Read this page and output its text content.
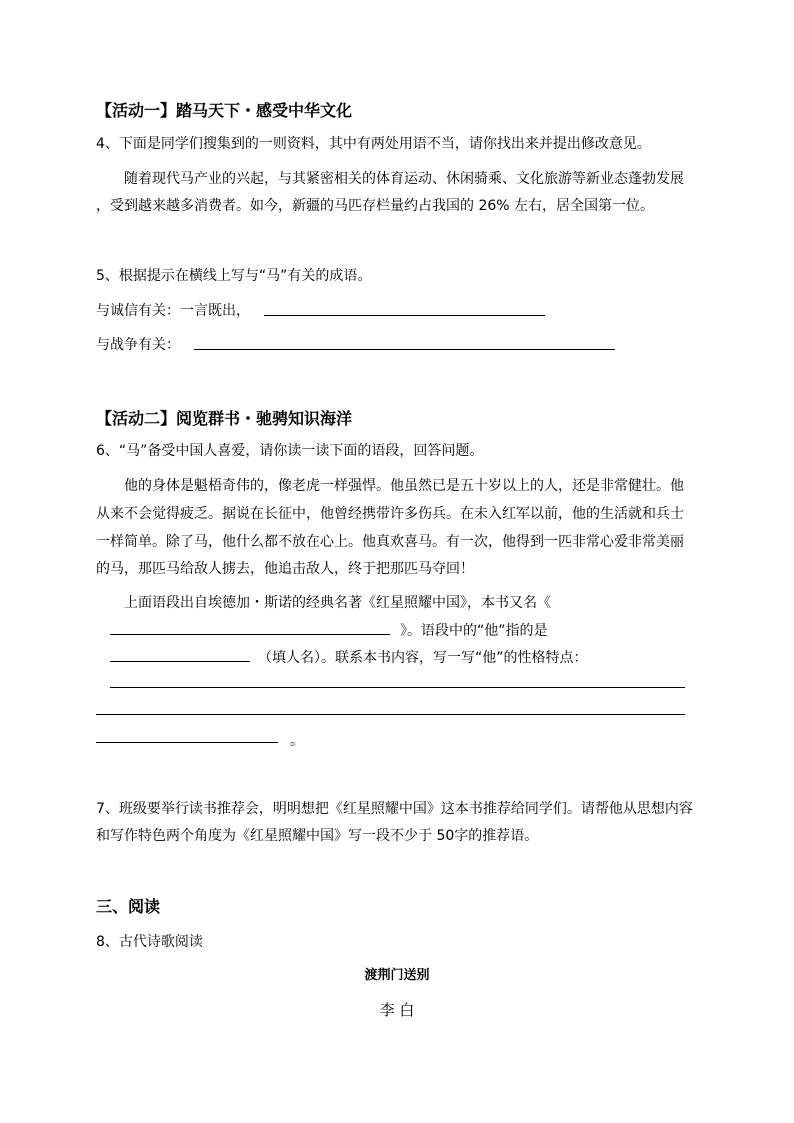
【活动一】踏马天下・感受中华文化
4、下面是同学们搜集到的一则资料，其中有两处用语不当，请你找出来并提出修改意见。
随着现代马产业的兴起，与其紧密相关的体育运动、休闲骑乘、文化旅游等新业态蓬勃发展
，受到越来越多消费者。如今，新疆的马匹存栏量约占我国的 26% 左右，居全国第一位。
5、根据提示在横线上写与“马”有关的成语。
与诚信有关：一言既出，
与战争有关：
【活动二】阅览群书・驰骋知识海洋
6、“马”备受中国人喜爱，请你读一读下面的语段，回答问题。
他的身体是魁梧奇伟的，像老虎一样强悍。他虽然已是五十岁以上的人，还是非常健壮。他
从来不会觉得疲乏。据说在长征中，他曾经携带许多伤兵。在未入红军以前，他的生活就和兵士
一样简单。除了马，他什么都不放在心上。他真欢喜马。有一次，他得到一匹非常心爱非常美丽
的马，那匹马给敌人掳去，他追击敌人，终于把那匹马夺回！
上面语段出自埃德加・斯诺的经典名著《红星照耀中国》，本书又名《
》。语段中的“他”指的是
（填人名）。联系本书内容，写一写“他”的性格特点：
。
7、班级要举行读书推荐会，明明想把《红星照耀中国》这本书推荐给同学们。请帮他从思想内容
和写作特色两个角度为《红星照耀中国》写一段不少于 50字的推荐语。
三、阅读
8、古代诗歌阅读
渡荆门送别
李 白
